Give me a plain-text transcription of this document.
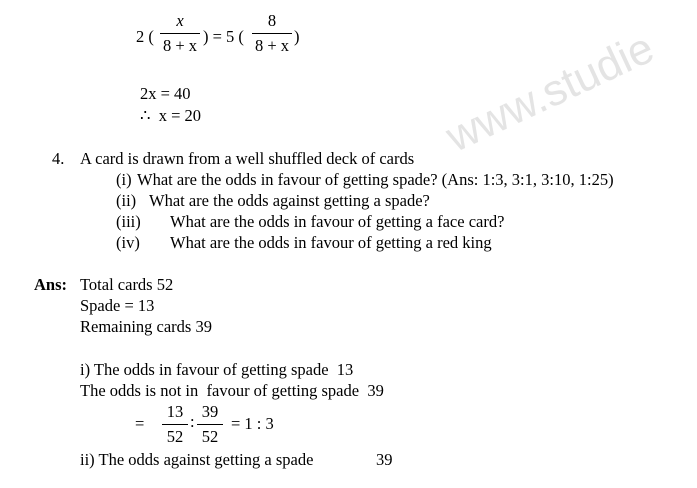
www.studie
2 ( $\frac{x}{8 + x}$ ) = 5 ( $\frac{8}{8 + x}$ )
2x = 40
∴  x = 20
4. A card is drawn from a well shuffled deck of cards
(i) What are the odds in favour of getting spade? (Ans: 1:3, 3:1, 3:10, 1:25)
(ii) What are the odds against getting a spade?
(iii) What are the odds in favour of getting a face card?
(iv) What are the odds in favour of getting a red king
Ans: Total cards 52
Spade = 13
Remaining cards 39
i) The odds in favour of getting spade  13
The odds is not in  favour of getting spade  39
= $\frac{13}{52}$ : $\frac{39}{52} = 1$ : 3
ii) The odds against getting a spade	39
